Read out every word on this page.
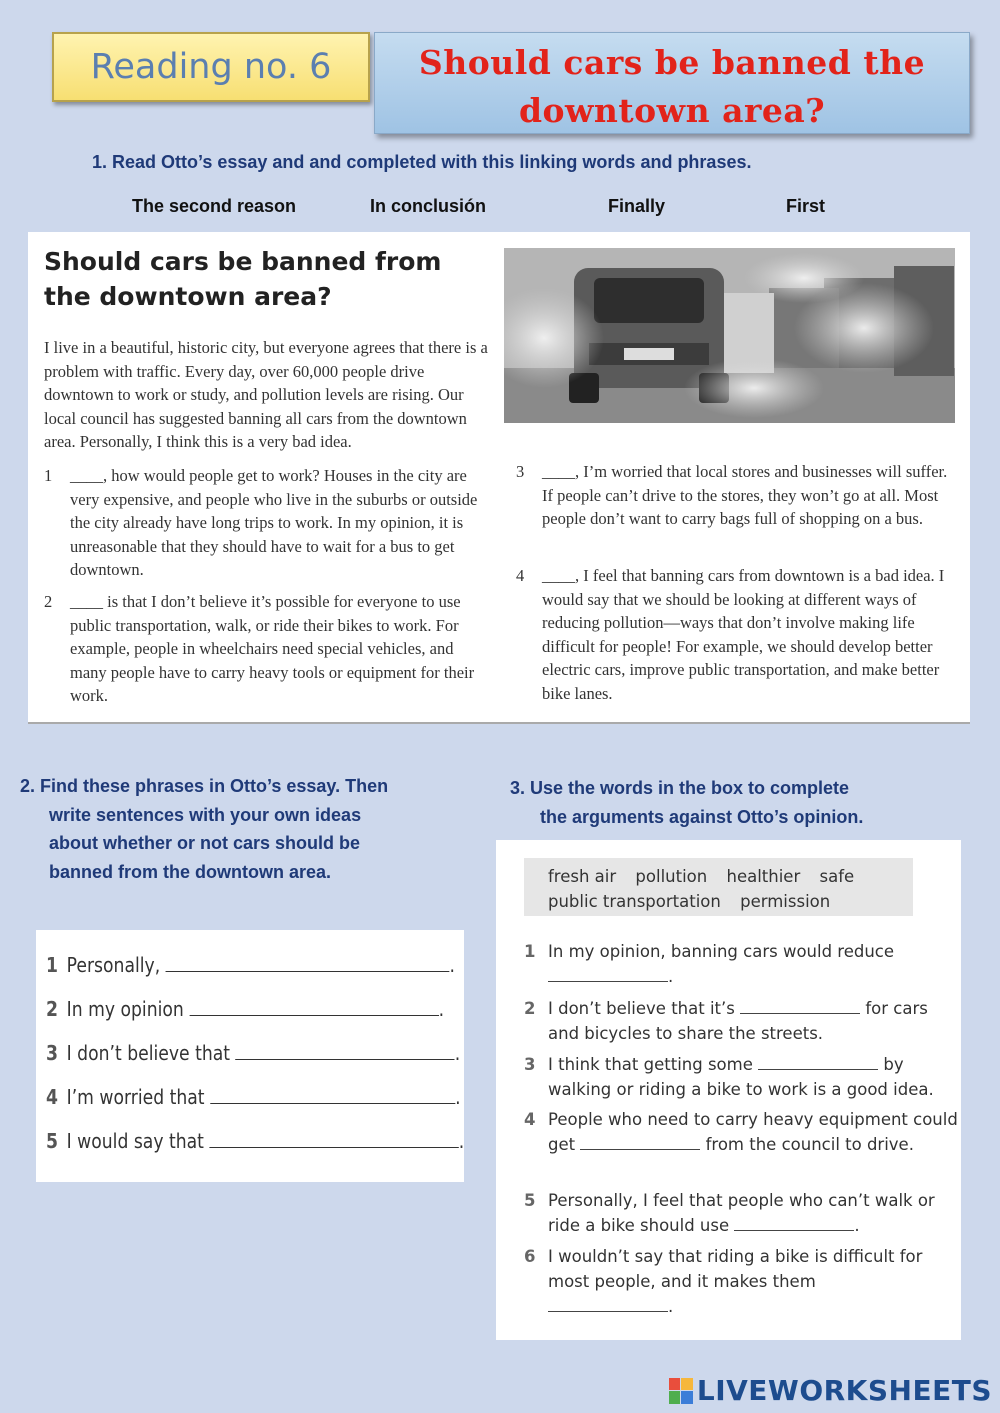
Reading no. 6	Should cars be banned the
downtown area?
1. Read Otto’s essay and and completed with this linking words and phrases.
The second reason	In conclusión	Finally	First
Should cars be banned from
the downtown area?
I live in a beautiful, historic city, but everyone agrees that there is a problem with traffic. Every day, over 60,000 people drive downtown to work or study, and pollution levels are rising. Our local council has suggested banning all cars from the downtown area. Personally, I think this is a very bad idea.
1 ____, how would people get to work? Houses in the city are very expensive, and people who live in the suburbs or outside the city already have long trips to work. In my opinion, it is unreasonable that they should have to wait for a bus to get downtown.
2 ____ is that I don’t believe it’s possible for everyone to use public transportation, walk, or ride their bikes to work. For example, people in wheelchairs need special vehicles, and many people have to carry heavy tools or equipment for their work.
3 ____, I’m worried that local stores and businesses will suffer. If people can’t drive to the stores, they won’t go at all. Most people don’t want to carry bags full of shopping on a bus.
4 ____, I feel that banning cars from downtown is a bad idea. I would say that we should be looking at different ways of reducing pollution—ways that don’t involve making life difficult for people! For example, we should develop better electric cars, improve public transportation, and make better bike lanes.
2. Find these phrases in Otto’s essay. Then
write sentences with your own ideas
about whether or not cars should be
banned from the downtown area.
1 Personally,	.
2 In my opinion	.
3 I don’t believe that	.
4 I’m worried that	.
5 I would say that	.
3. Use the words in the box to complete
the arguments against Otto’s opinion.
fresh air pollution healthier safe
public transportation permission
1 In my opinion, banning cars would reduce
.
2 I don’t believe that it’s	for cars and bicycles to share the streets.
3 I think that getting some	by walking or riding a bike to work is a good idea.
4 People who need to carry heavy equipment could get	from the council to drive.
5 Personally, I feel that people who can’t walk or ride a bike should use	.
6 I wouldn’t say that riding a bike is difficult for most people, and it makes them
.
LIVEWORKSHEETS
